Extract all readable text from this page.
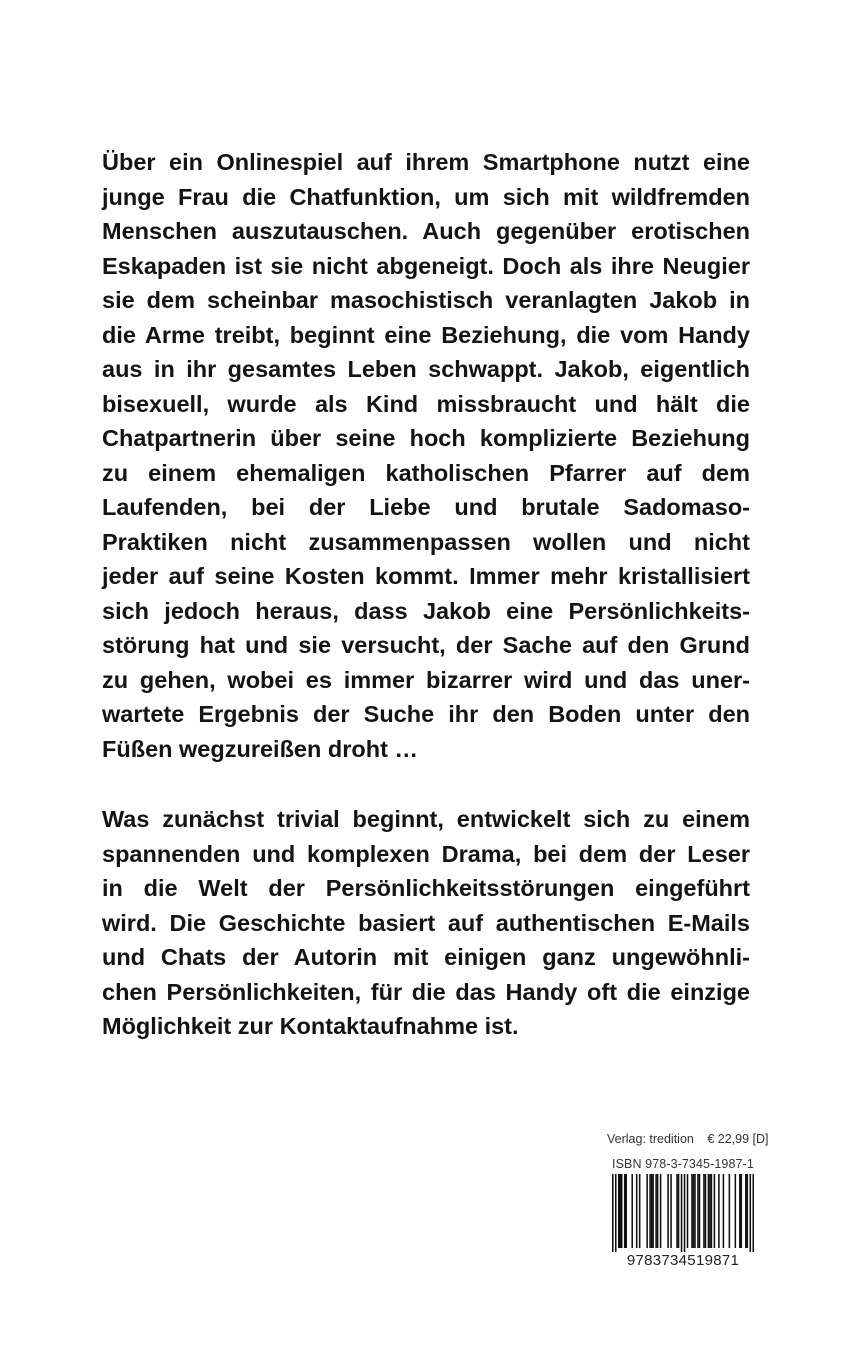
Über ein Onlinespiel auf ihrem Smartphone nutzt eine
junge Frau die Chatfunktion, um sich mit wildfremden
Menschen auszutauschen. Auch gegenüber erotischen
Eskapaden ist sie nicht abgeneigt. Doch als ihre Neugier
sie dem scheinbar masochistisch veranlagten Jakob in
die Arme treibt, beginnt eine Beziehung, die vom Handy
aus in ihr gesamtes Leben schwappt. Jakob, eigentlich
bisexuell, wurde als Kind missbraucht und hält die
Chatpartnerin über seine hoch komplizierte Beziehung
zu einem ehemaligen katholischen Pfarrer auf dem
Laufenden, bei der Liebe und brutale Sadomaso-
Praktiken nicht zusammenpassen wollen und nicht
jeder auf seine Kosten kommt. Immer mehr kristallisiert
sich jedoch heraus, dass Jakob eine Persönlichkeits-
störung hat und sie versucht, der Sache auf den Grund
zu gehen, wobei es immer bizarrer wird und das uner-
wartete Ergebnis der Suche ihr den Boden unter den
Füßen wegzureißen droht …
Was zunächst trivial beginnt, entwickelt sich zu einem
spannenden und komplexen Drama, bei dem der Leser
in die Welt der Persönlichkeitsstörungen eingeführt
wird. Die Geschichte basiert auf authentischen E-Mails
und Chats der Autorin mit einigen ganz ungewöhnli-
chen Persönlichkeiten, für die das Handy oft die einzige
Möglichkeit zur Kontaktaufnahme ist.
Verlag: tredition € 22,99 [D]
ISBN 978-3-7345-1987-1
9783734519871
